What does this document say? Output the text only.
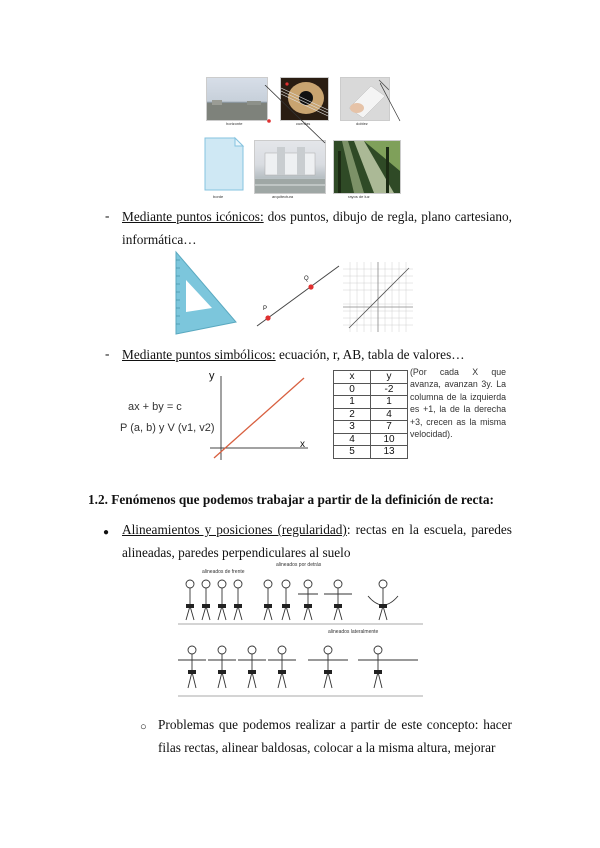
horizonte	cuerdas	doblez
borde	arquitectura	rayos de luz
- Mediante puntos icónicos: dos puntos, dibujo de regla, plano cartesiano, informática…
P
Q
- Mediante puntos simbólicos: ecuación, r, AB, tabla de valores…
ax + by = c
P (a, b) y V (v1, v2)
y
x
x	y
0	-2
1	1
2	4
3	7
4	10
5	13
(Por cada X que avanza, avanzan 3y. La columna de la izquierda es +1, la de la derecha +3, crecen as la misma velocidad).
1.2. Fenómenos que podemos trabajar a partir de la definición de recta:
● Alineamientos y posiciones (regularidad): rectas en la escuela, paredes alineadas, paredes perpendiculares al suelo
alineados por detrás
alineados de frente
alineados lateralmente
○ Problemas que podemos realizar a partir de este concepto: hacer filas rectas, alinear baldosas, colocar a la misma altura, mejorar
